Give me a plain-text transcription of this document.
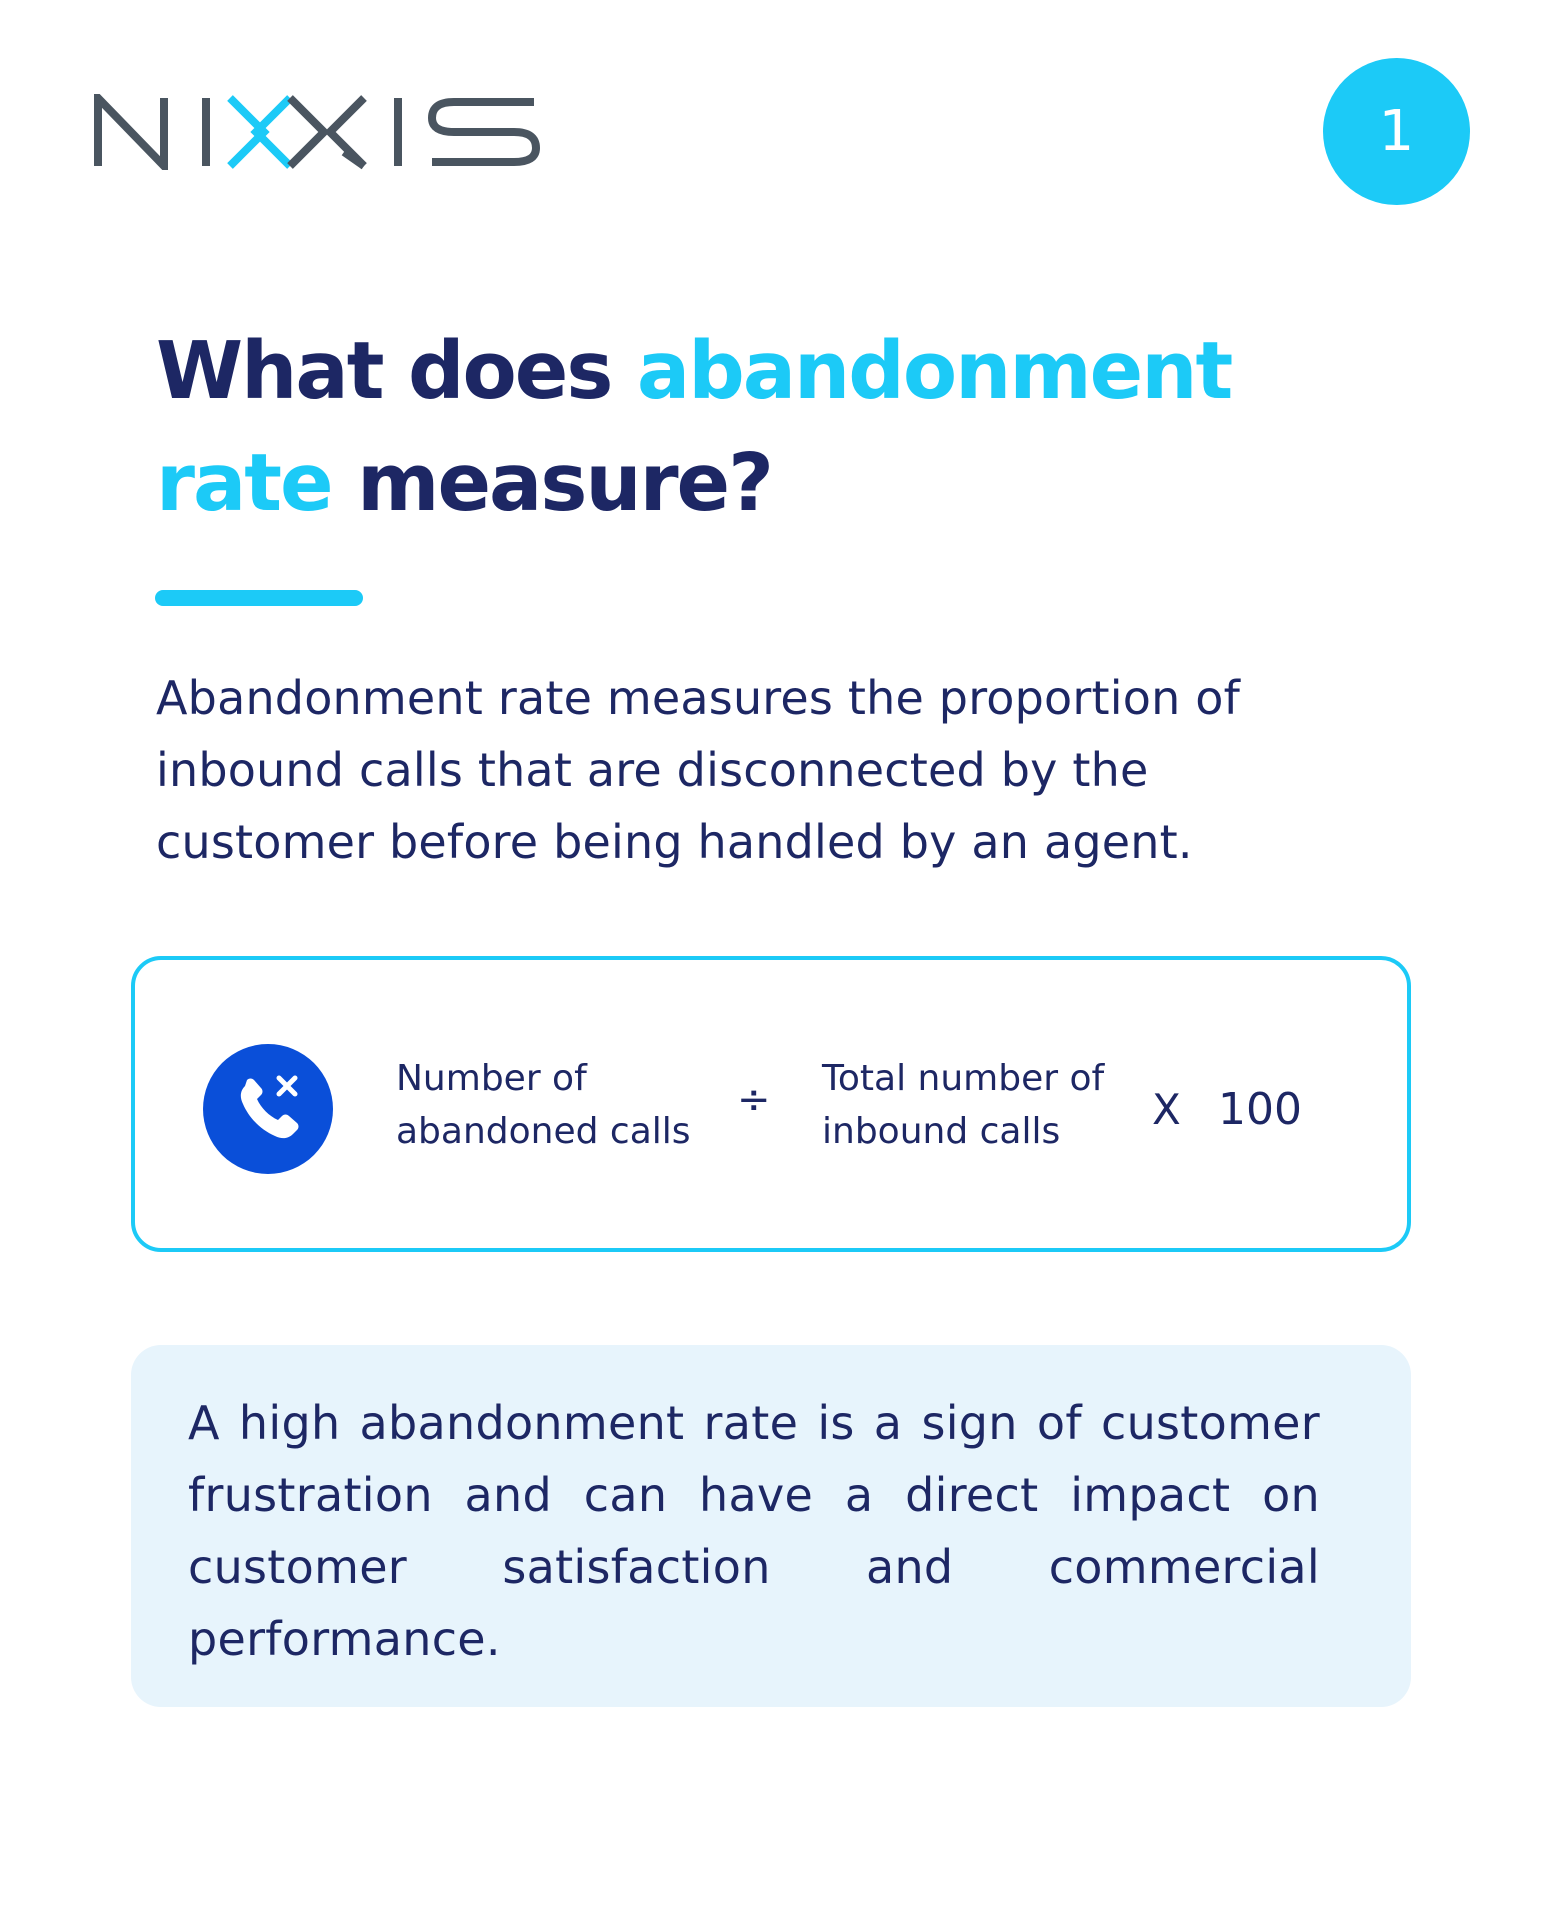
1
What does abandonment
rate measure?

Abandonment rate measures the proportion of inbound calls that are disconnected by the customer before being handled by an agent.

Number of
abandoned calls
÷ Total number of
inbound calls	X 100

A high abandonment rate is a sign of customer frustration and can have a direct impact on customer satisfaction and commercial performance.
